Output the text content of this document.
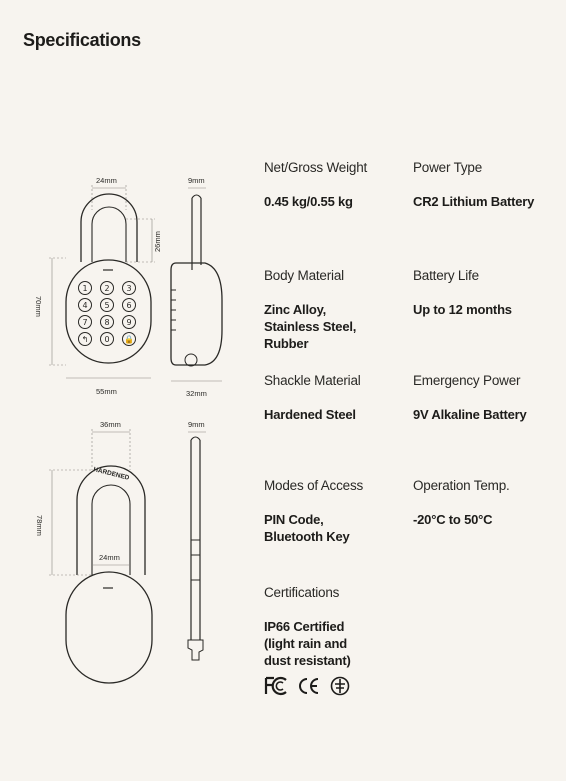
Specifications
24mm
26mm
70mm
55mm
9mm
32mm
36mm
78mm
24mm
9mm
HARDENED
1 2 3
4 5 6
7 8 9
↰ 0 🔒
Net/Gross Weight
0.45 kg/0.55 kg
Power Type
CR2 Lithium Battery
Body Material
Zinc Alloy,
Stainless Steel,
Rubber
Battery Life
Up to 12 months
Shackle Material
Hardened Steel
Emergency Power
9V Alkaline Battery
Modes of Access
PIN Code,
Bluetooth Key
Operation Temp.
-20°C to 50°C
Certifications
IP66 Certified
(light rain and
dust resistant)
